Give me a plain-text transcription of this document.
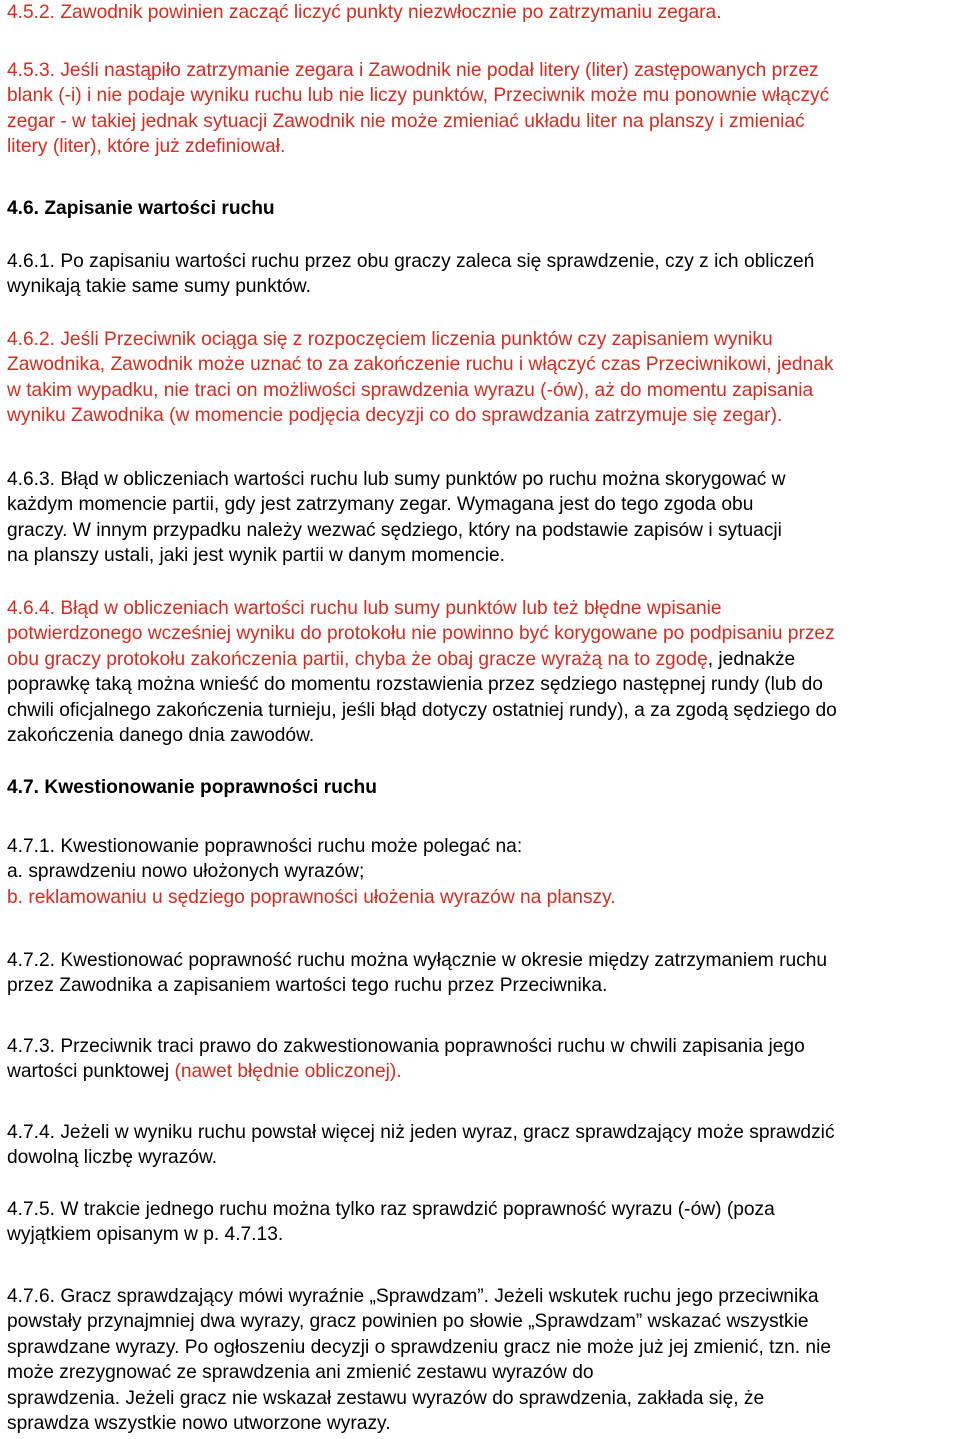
4.5.2. Zawodnik powinien zacząć liczyć punkty niezwłocznie po zatrzymaniu zegara.
4.5.3. Jeśli nastąpiło zatrzymanie zegara i Zawodnik nie podał litery (liter) zastępowanych przez
blank (-i) i nie podaje wyniku ruchu lub nie liczy punktów, Przeciwnik może mu ponownie włączyć
zegar - w takiej jednak sytuacji Zawodnik nie może zmieniać układu liter na planszy i zmieniać
litery (liter), które już zdefiniował.
4.6. Zapisanie wartości ruchu
4.6.1. Po zapisaniu wartości ruchu przez obu graczy zaleca się sprawdzenie, czy z ich obliczeń
wynikają takie same sumy punktów.
4.6.2. Jeśli Przeciwnik ociąga się z rozpoczęciem liczenia punktów czy zapisaniem wyniku
Zawodnika, Zawodnik może uznać to za zakończenie ruchu i włączyć czas Przeciwnikowi, jednak
w takim wypadku, nie traci on możliwości sprawdzenia wyrazu (-ów), aż do momentu zapisania
wyniku Zawodnika (w momencie podjęcia decyzji co do sprawdzania zatrzymuje się zegar).
4.6.3. Błąd w obliczeniach wartości ruchu lub sumy punktów po ruchu można skorygować w
każdym momencie partii, gdy jest zatrzymany zegar. Wymagana jest do tego zgoda obu
graczy. W innym przypadku należy wezwać sędziego, który na podstawie zapisów i sytuacji
na planszy ustali, jaki jest wynik partii w danym momencie.
4.6.4. Błąd w obliczeniach wartości ruchu lub sumy punktów lub też błędne wpisanie
potwierdzonego wcześniej wyniku do protokołu nie powinno być korygowane po podpisaniu przez
obu graczy protokołu zakończenia partii, chyba że obaj gracze wyrażą na to zgodę, jednakże
poprawkę taką można wnieść do momentu rozstawienia przez sędziego następnej rundy (lub do
chwili oficjalnego zakończenia turnieju, jeśli błąd dotyczy ostatniej rundy), a za zgodą sędziego do
zakończenia danego dnia zawodów.
4.7. Kwestionowanie poprawności ruchu
4.7.1. Kwestionowanie poprawności ruchu może polegać na:
a. sprawdzeniu nowo ułożonych wyrazów;
b. reklamowaniu u sędziego poprawności ułożenia wyrazów na planszy.
4.7.2. Kwestionować poprawność ruchu można wyłącznie w okresie między zatrzymaniem ruchu
przez Zawodnika a zapisaniem wartości tego ruchu przez Przeciwnika.
4.7.3. Przeciwnik traci prawo do zakwestionowania poprawności ruchu w chwili zapisania jego
wartości punktowej (nawet błędnie obliczonej).
4.7.4. Jeżeli w wyniku ruchu powstał więcej niż jeden wyraz, gracz sprawdzający może sprawdzić
dowolną liczbę wyrazów.
4.7.5. W trakcie jednego ruchu można tylko raz sprawdzić poprawność wyrazu (-ów) (poza
wyjątkiem opisanym w p. 4.7.13.
4.7.6. Gracz sprawdzający mówi wyraźnie „Sprawdzam”. Jeżeli wskutek ruchu jego przeciwnika
powstały przynajmniej dwa wyrazy, gracz powinien po słowie „Sprawdzam” wskazać wszystkie
sprawdzane wyrazy. Po ogłoszeniu decyzji o sprawdzeniu gracz nie może już jej zmienić, tzn. nie
może zrezygnować ze sprawdzenia ani zmienić zestawu wyrazów do
sprawdzenia. Jeżeli gracz nie wskazał zestawu wyrazów do sprawdzenia, zakłada się, że
sprawdza wszystkie nowo utworzone wyrazy.
